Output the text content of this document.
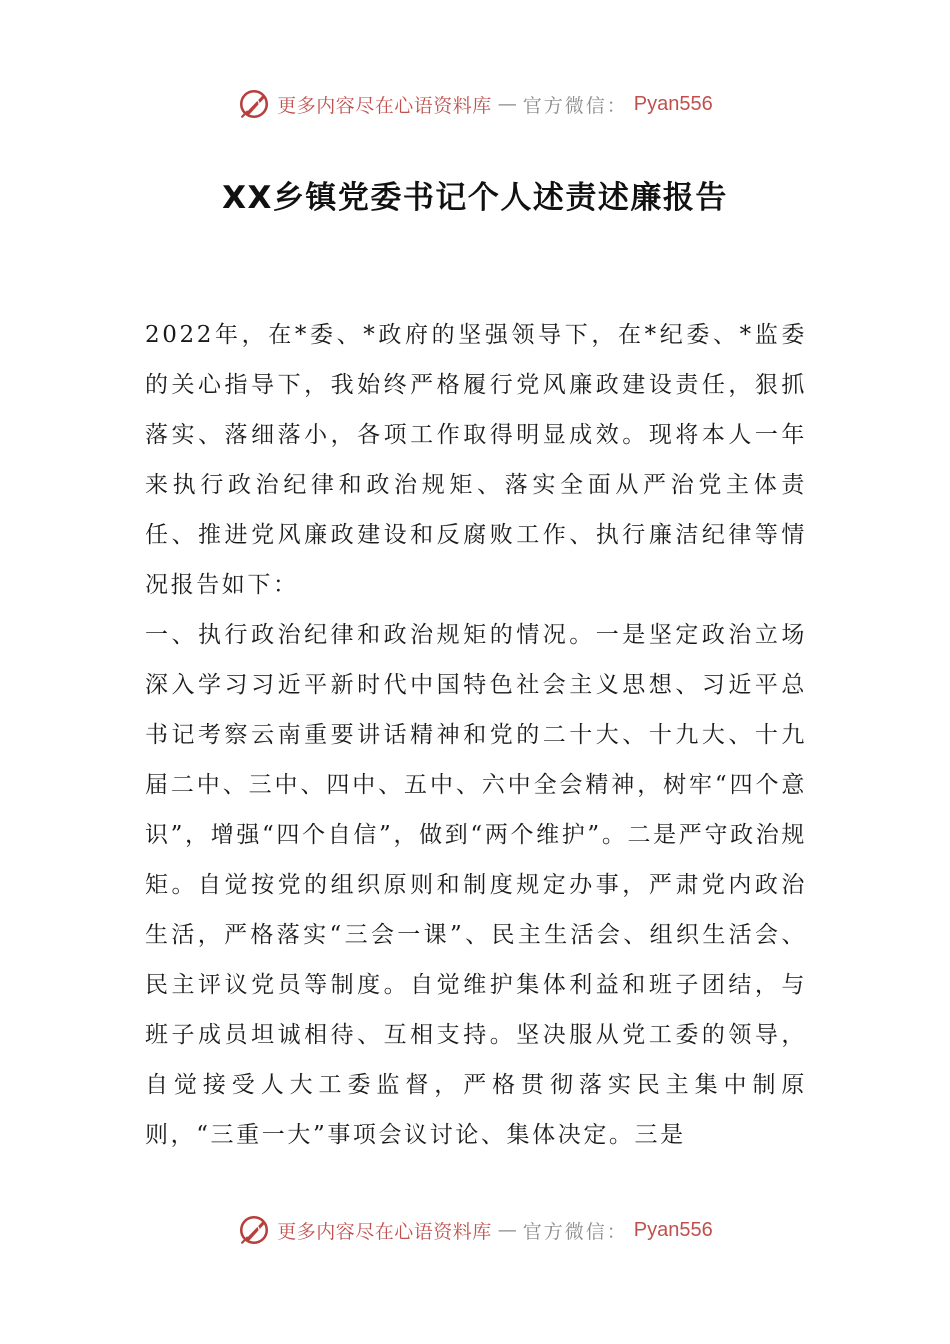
更多内容尽在心语资料库 — 官方微信： Pyan556
XX乡镇党委书记个人述责述廉报告

2022年，在*委、*政府的坚强领导下，在*纪委、*监委的关心指导下，我始终严格履行党风廉政建设责任，狠抓落实、落细落小，各项工作取得明显成效。现将本人一年来执行政治纪律和政治规矩、落实全面从严治党主体责任、推进党风廉政建设和反腐败工作、执行廉洁纪律等情况报告如下：

一、执行政治纪律和政治规矩的情况。一是坚定政治立场深入学习习近平新时代中国特色社会主义思想、习近平总书记考察云南重要讲话精神和党的二十大、十九大、十九届二中、三中、四中、五中、六中全会精神，树牢“四个意识”，增强“四个自信”，做到“两个维护”。二是严守政治规矩。自觉按党的组织原则和制度规定办事，严肃党内政治生活，严格落实“三会一课”、民主生活会、组织生活会、民主评议党员等制度。自觉维护集体利益和班子团结，与班子成员坦诚相待、互相支持。坚决服从党工委的领导，自觉接受人大工委监督，严格贯彻落实民主集中制原则，“三重一大”事项会议讨论、集体决定。三是

更多内容尽在心语资料库 — 官方微信： Pyan556
